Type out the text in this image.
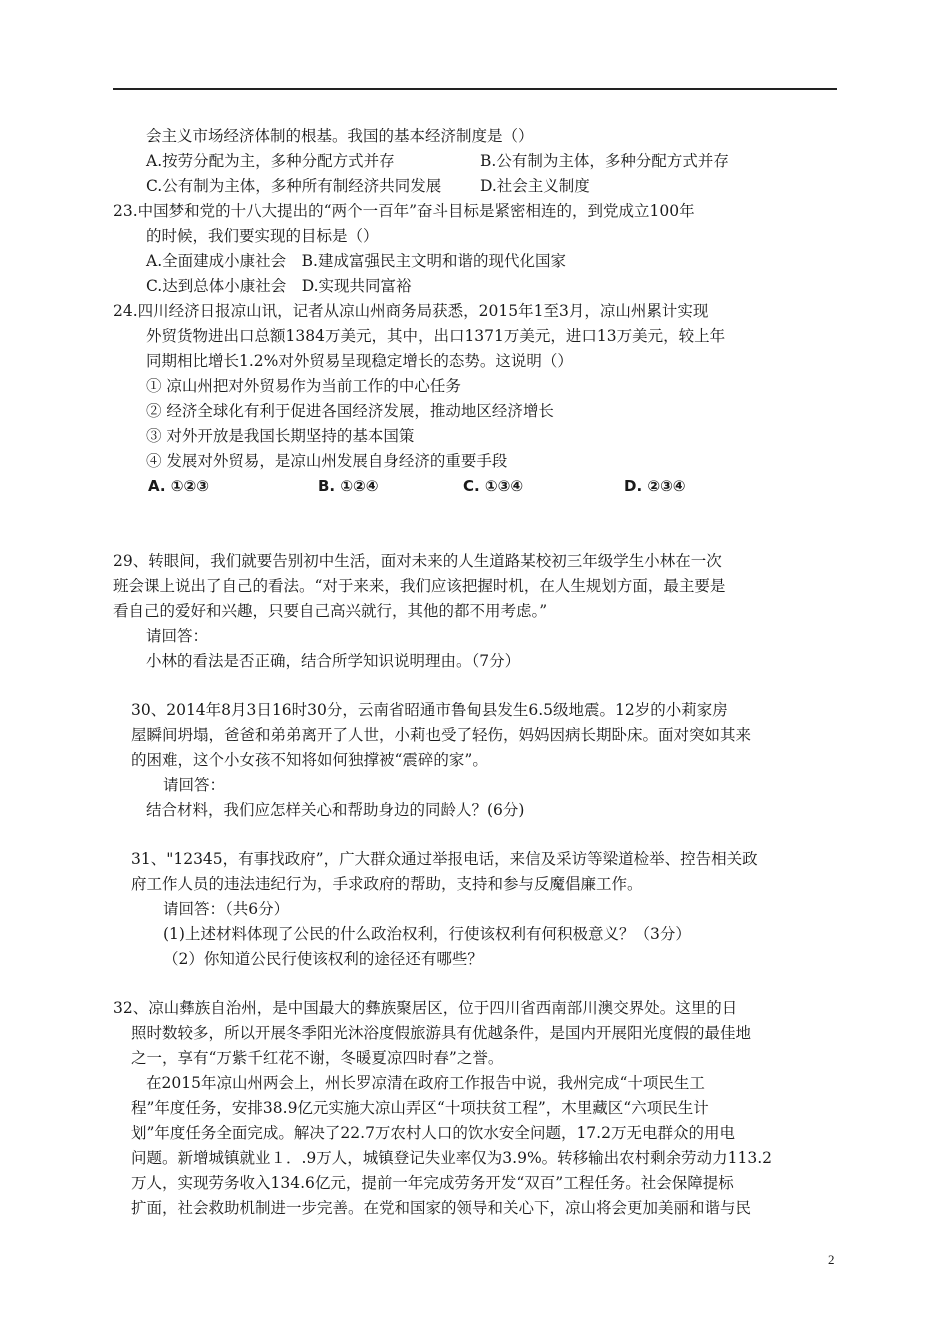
会主义市场经济体制的根基。我国的基本经济制度是（）
A.按劳分配为主，多种分配方式并存	B.公有制为主体，多种分配方式并存
C.公有制为主体，多种所有制经济共同发展	D.社会主义制度
23.中国梦和党的十八大提出的“两个一百年”奋斗目标是紧密相连的，到党成立100年
的时候，我们要实现的目标是（）
A.全面建成小康社会　B.建成富强民主文明和谐的现代化国家
C.达到总体小康社会　D.实现共同富裕
24.四川经济日报凉山讯，记者从凉山州商务局获悉，2015年1至3月，凉山州累计实现
外贸货物进出口总额1384万美元，其中，出口1371万美元，进口13万美元，较上年
同期相比增长1.2%对外贸易呈现稳定增长的态势。这说明（）
① 凉山州把对外贸易作为当前工作的中心任务
② 经济全球化有利于促进各国经济发展，推动地区经济增长
③ 对外开放是我国长期坚持的基本国策
④ 发展对外贸易，是凉山州发展自身经济的重要手段
A. ①②③	B. ①②④	C. ①③④	D. ②③④
29、转眼间，我们就要告别初中生活，面对未来的人生道路某校初三年级学生小林在一次
班会课上说出了自己的看法。“对于来来，我们应该把握时机，在人生规划方面，最主要是
看自己的爱好和兴趣，只要自己高兴就行，其他的都不用考虑。”
请回答：
小林的看法是否正确，结合所学知识说明理由。（7分）
30、2014年8月3日16时30分，云南省昭通市鲁甸县发生6.5级地震。12岁的小莉家房
屋瞬间坍塌，爸爸和弟弟离开了人世，小莉也受了轻伤，妈妈因病长期卧床。面对突如其来
的困难，这个小女孩不知将如何独撑被“震碎的家”。
请回答：
结合材料，我们应怎样关心和帮助身边的同龄人？(6分)
31、"12345，有事找政府”，广大群众通过举报电话，来信及采访等梁道检举、控告相关政
府工作人员的违法违纪行为，手求政府的帮助，支持和参与反魔倡廉工作。
请回答：（共6分）
(1)上述材料体现了公民的什么政治权利，行使该权利有何积极意义？（3分）
（2）你知道公民行使该权利的途径还有哪些？
32、凉山彝族自治州，是中国最大的彝族聚居区，位于四川省西南部川澳交界处。这里的日
照时数较多，所以开展冬季阳光沐浴度假旅游具有优越条件，是国内开展阳光度假的最佳地
之一，享有“万紫千红花不谢，冬暖夏凉四时春”之誉。
在2015年凉山州两会上，州长罗凉清在政府工作报告中说，我州完成“十项民生工
程”年度任务，安排38.9亿元实施大凉山弄区“十项扶贫工程”，木里藏区“六项民生计
划”年度任务全面完成。解决了22.7万农村人口的饮水安全问题，17.2万无电群众的用电
问题。新增城镇就业１．.9万人，城镇登记失业率仅为3.9%。转移输出农村剩余劳动力113.2
万人，实现劳务收入134.6亿元，提前一年完成劳务开发“双百”工程任务。社会保障提标
扩面，社会救助机制进一步完善。在党和国家的领导和关心下，凉山将会更加美丽和谐与民
2
